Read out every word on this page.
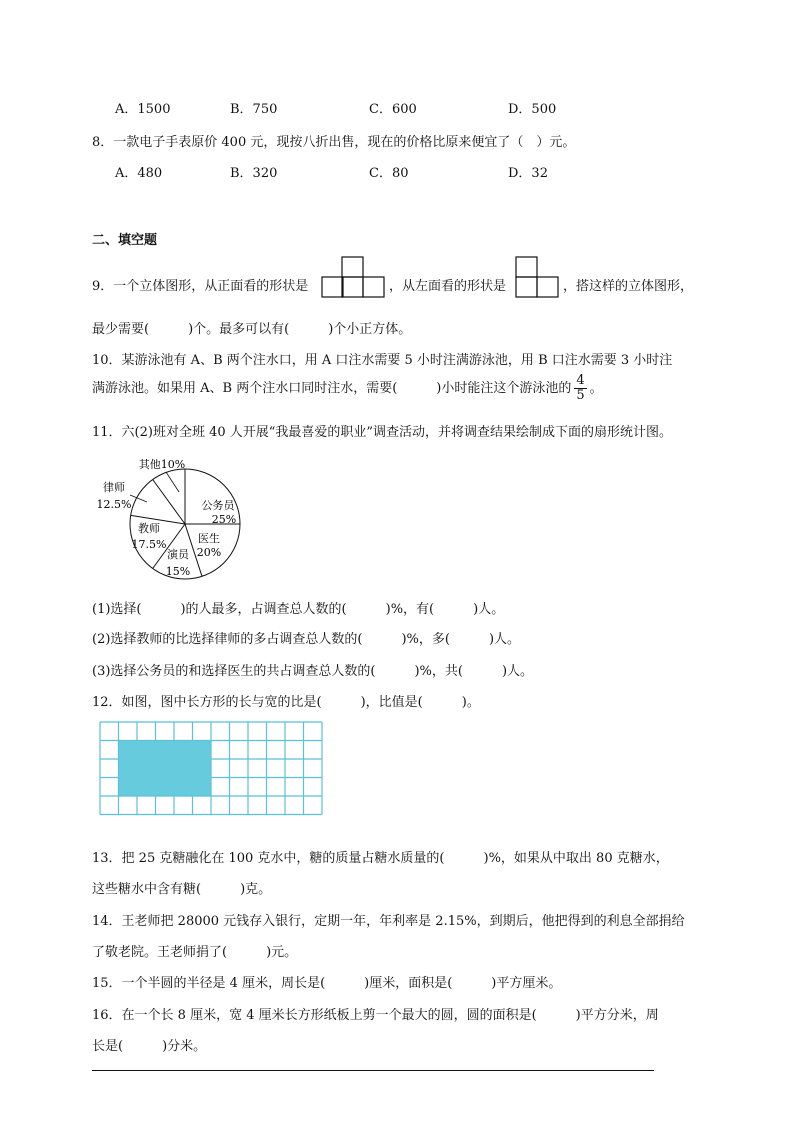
A．1500	B．750	C．600	D．500
8．一款电子手表原价 400 元，现按八折出售，现在的价格比原来便宜了（　）元。
A．480	B．320	C．80	D．32
二、填空题
9．一个立体图形，从正面看的形状是	，从左面看的形状是	，搭这样的立体图形，
最少需要(　　　)个。最多可以有(　　　)个小正方体。
10．某游泳池有 A、B 两个注水口，用 A 口注水需要 5 小时注满游泳池，用 B 口注水需要 3 小时注
满游泳池。如果用 A、B 两个注水口同时注水，需要(　　　)小时能注这个游泳池的 $\frac{4}{5}$ 。
11．六(2)班对全班 40 人开展“我最喜爱的职业”调查活动，并将调查结果绘制成下面的扇形统计图。
公务员
25%
医生
20%
演员
15%
教师
17.5%
律师
12.5%
其他10%
(1)选择(　　　)的人最多，占调查总人数的(　　　)%，有(　　　)人。
(2)选择教师的比选择律师的多占调查总人数的(　　　)%，多(　　　)人。
(3)选择公务员的和选择医生的共占调查总人数的(　　　)%，共(　　　)人。
12．如图，图中长方形的长与宽的比是(　　　)，比值是(　　　)。
13．把 25 克糖融化在 100 克水中，糖的质量占糖水质量的(　　　)%，如果从中取出 80 克糖水，
这些糖水中含有糖(　　　)克。
14．王老师把 28000 元钱存入银行，定期一年，年利率是 2.15%，到期后，他把得到的利息全部捐给
了敬老院。王老师捐了(　　　)元。
15．一个半圆的半径是 4 厘米，周长是(　　　)厘米，面积是(　　　)平方厘米。
16．在一个长 8 厘米，宽 4 厘米长方形纸板上剪一个最大的圆，圆的面积是(　　　)平方分米，周
长是(　　　)分米。
